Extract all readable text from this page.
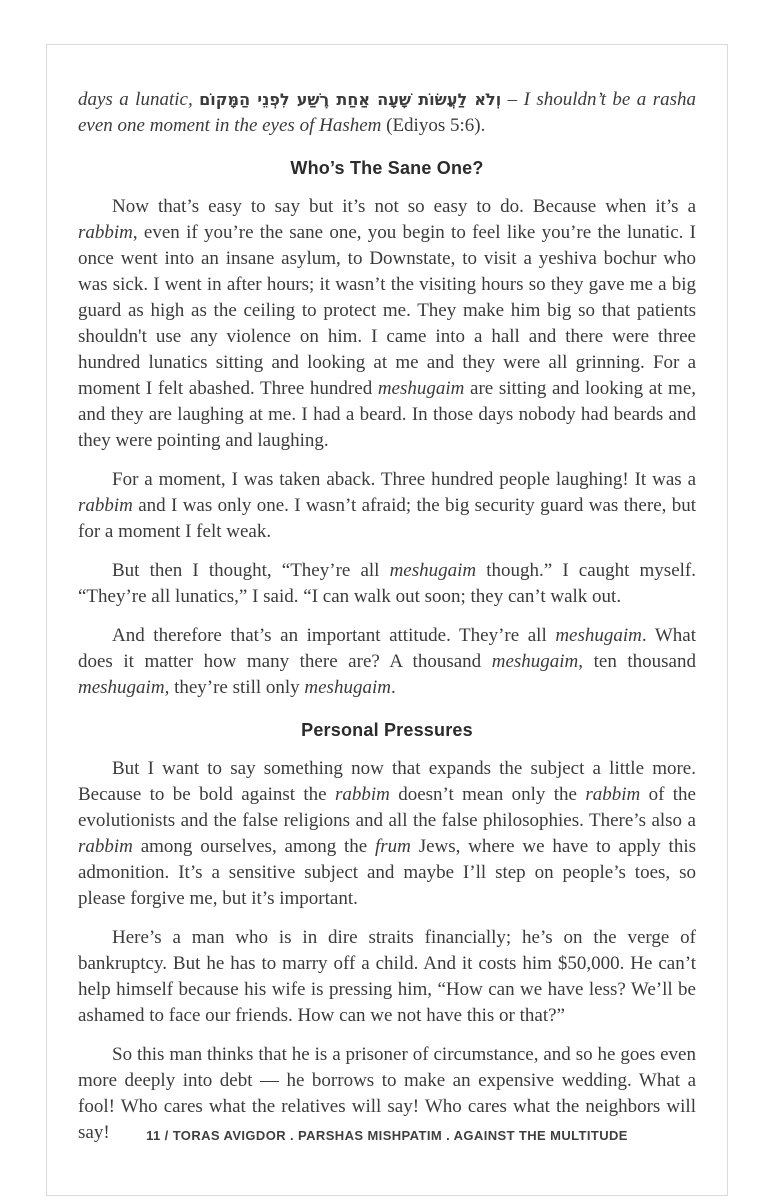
days a lunatic, וְלֹא לַעֲשׂוֹת שָׁעָה אַחַת רֶשַׁע לִפְנֵי הַמָּקוֹם – I shouldn’t be a rasha even one moment in the eyes of Hashem (Ediyos 5:6).

Who’s The Sane One?

Now that’s easy to say but it’s not so easy to do. Because when it’s a rabbim, even if you’re the sane one, you begin to feel like you’re the lunatic. I once went into an insane asylum, to Downstate, to visit a yeshiva bochur who was sick. I went in after hours; it wasn’t the visiting hours so they gave me a big guard as high as the ceiling to protect me. They make him big so that patients shouldn't use any violence on him. I came into a hall and there were three hundred lunatics sitting and looking at me and they were all grinning. For a moment I felt abashed. Three hundred meshugaim are sitting and looking at me, and they are laughing at me. I had a beard. In those days nobody had beards and they were pointing and laughing.

For a moment, I was taken aback. Three hundred people laughing! It was a rabbim and I was only one. I wasn’t afraid; the big security guard was there, but for a moment I felt weak.

But then I thought, “They’re all meshugaim though.” I caught myself. “They’re all lunatics,” I said. “I can walk out soon; they can’t walk out.

And therefore that’s an important attitude. They’re all meshugaim. What does it matter how many there are? A thousand meshugaim, ten thousand meshugaim, they’re still only meshugaim.

Personal Pressures

But I want to say something now that expands the subject a little more. Because to be bold against the rabbim doesn’t mean only the rabbim of the evolutionists and the false religions and all the false philosophies. There’s also a rabbim among ourselves, among the frum Jews, where we have to apply this admonition. It’s a sensitive subject and maybe I’ll step on people’s toes, so please forgive me, but it’s important.

Here’s a man who is in dire straits financially; he’s on the verge of bankruptcy. But he has to marry off a child. And it costs him $50,000. He can’t help himself because his wife is pressing him, “How can we have less? We’ll be ashamed to face our friends. How can we not have this or that?”

So this man thinks that he is a prisoner of circumstance, and so he goes even more deeply into debt — he borrows to make an expensive wedding. What a fool! Who cares what the relatives will say! Who cares what the neighbors will say!	11 / TORAS AVIGDOR . PARSHAS MISHPATIM . AGAINST THE MULTITUDE
